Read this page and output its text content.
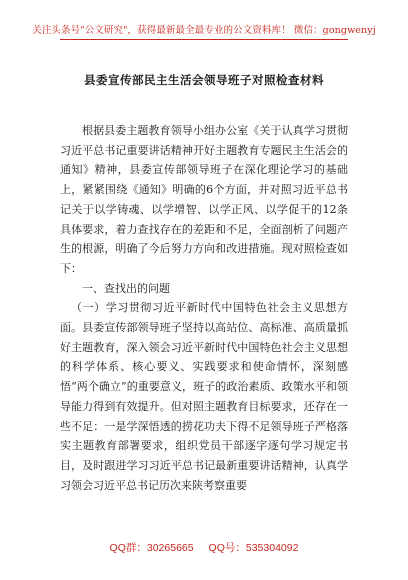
关注头条号"公文研究"，获得最新最全最专业的公文资料库！ 微信：gongwenyj
县委宣传部民主生活会领导班子对照检查材料

根据县委主题教育领导小组办公室《关于认真学习贯彻习近平总书记重要讲话精神开好主题教育专题民主生活会的通知》精神，县委宣传部领导班子在深化理论学习的基础上，紧紧围绕《通知》明确的6个方面，并对照习近平总书记关于以学铸魂、以学增智、以学正风、以学促干的12条具体要求，着力查找存在的差距和不足，全面剖析了问题产生的根源，明确了今后努力方向和改进措施。现对照检查如下：

一、查找出的问题

（一）学习贯彻习近平新时代中国特色社会主义思想方面。县委宣传部领导班子坚持以高站位、高标准、高质量抓好主题教育，深入领会习近平新时代中国特色社会主义思想的科学体系、核心要义、实践要求和使命情怀，深刻感悟“两个确立”的重要意义，班子的政治素质、政策水平和领导能力得到有效提升。但对照主题教育目标要求，还存在一些不足：一是学深悟透的捞花功夫下得不足领导班子严格落实主题教育部署要求，组织党员干部逐字逐句学习规定书目，及时跟进学习习近平总书记最新重要讲话精神，认真学习领会习近平总书记历次来陕考察重要

QQ群：30265665 QQ号：535304092
